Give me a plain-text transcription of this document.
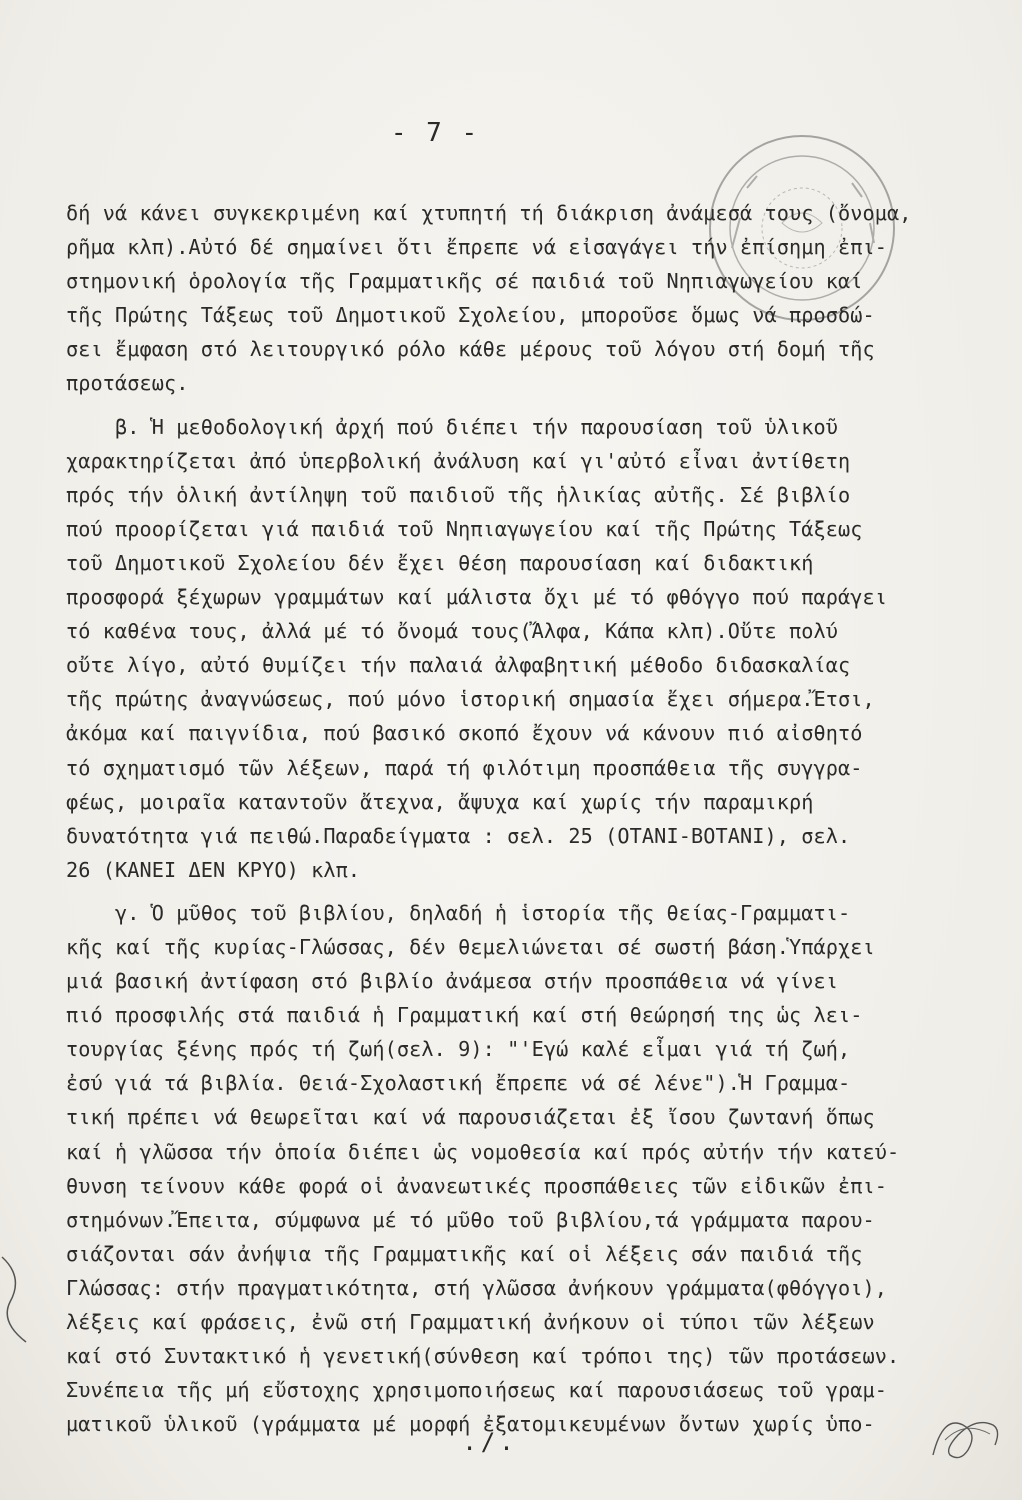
- 7 -
δή νά κάνει συγκεκριμένη καί χτυπητή τή διάκριση ἀνάμεσά τους (ὄνομα,
ρῆμα κλπ).Αὐτό δέ σημαίνει ὅτι ἔπρεπε νά εἰσαγάγει τήν ἐπίσημη ἐπι-
στημονική ὁρολογία τῆς Γραμματικῆς σέ παιδιά τοῦ Νηπιαγωγείου καί
τῆς Πρώτης Τάξεως τοῦ Δημοτικοῦ Σχολείου, μποροῦσε ὅμως νά προσδώ-
σει ἔμφαση στό λειτουργικό ρόλο κάθε μέρους τοῦ λόγου στή δομή τῆς
προτάσεως.
β. Ἡ μεθοδολογική ἀρχή πού διέπει τήν παρουσίαση τοῦ ὑλικοῦ
χαρακτηρίζεται ἀπό ὑπερβολική ἀνάλυση καί γι'αὐτό εἶναι ἀντίθετη
πρός τήν ὁλική ἀντίληψη τοῦ παιδιοῦ τῆς ἡλικίας αὐτῆς. Σέ βιβλίο
πού προορίζεται γιά παιδιά τοῦ Νηπιαγωγείου καί τῆς Πρώτης Τάξεως
τοῦ Δημοτικοῦ Σχολείου δέν ἔχει θέση παρουσίαση καί διδακτική
προσφορά ξέχωρων γραμμάτων καί μάλιστα ὄχι μέ τό φθόγγο πού παράγει
τό καθένα τους, ἀλλά μέ τό ὄνομά τους(Ἄλφα, Κάπα κλπ).Οὔτε πολύ
οὔτε λίγο, αὐτό θυμίζει τήν παλαιά ἀλφαβητική μέθοδο διδασκαλίας
τῆς πρώτης ἀναγνώσεως, πού μόνο ἱστορική σημασία ἔχει σήμερα.Ἔτσι,
ἀκόμα καί παιγνίδια, πού βασικό σκοπό ἔχουν νά κάνουν πιό αἰσθητό
τό σχηματισμό τῶν λέξεων, παρά τή φιλότιμη προσπάθεια τῆς συγγρα-
φέως, μοιραῖα καταντοῦν ἄτεχνα, ἄψυχα καί χωρίς τήν παραμικρή
δυνατότητα γιά πειθώ.Παραδείγματα : σελ. 25 (ΟΤΑΝΙ-ΒΟΤΑΝΙ), σελ.
26 (ΚΑΝΕΙ ΔΕΝ ΚΡΥΟ) κλπ.
γ. Ὁ μῦθος τοῦ βιβλίου, δηλαδή ἡ ἱστορία τῆς θείας-Γραμματι-
κῆς καί τῆς κυρίας-Γλώσσας, δέν θεμελιώνεται σέ σωστή βάση.Ὑπάρχει
μιά βασική ἀντίφαση στό βιβλίο ἀνάμεσα στήν προσπάθεια νά γίνει
πιό προσφιλής στά παιδιά ἡ Γραμματική καί στή θεώρησή της ὡς λει-
τουργίας ξένης πρός τή ζωή(σελ. 9): "'Εγώ καλέ εἶμαι γιά τή ζωή,
ἐσύ γιά τά βιβλία. Θειά-Σχολαστική ἔπρεπε νά σέ λένε").Ἡ Γραμμα-
τική πρέπει νά θεωρεῖται καί νά παρουσιάζεται ἐξ ἴσου ζωντανή ὅπως
καί ἡ γλῶσσα τήν ὁποία διέπει ὡς νομοθεσία καί πρός αὐτήν τήν κατεύ-
θυνση τείνουν κάθε φορά οἱ ἀνανεωτικές προσπάθειες τῶν εἰδικῶν ἐπι-
στημόνων.Ἔπειτα, σύμφωνα μέ τό μῦθο τοῦ βιβλίου,τά γράμματα παρου-
σιάζονται σάν ἀνήψια τῆς Γραμματικῆς καί οἱ λέξεις σάν παιδιά τῆς
Γλώσσας: στήν πραγματικότητα, στή γλῶσσα ἀνήκουν γράμματα(φθόγγοι),
λέξεις καί φράσεις, ἐνῶ στή Γραμματική ἀνήκουν οἱ τύποι τῶν λέξεων
καί στό Συντακτικό ἡ γενετική(σύνθεση καί τρόποι της) τῶν προτάσεων.
Συνέπεια τῆς μή εὔστοχης χρησιμοποιήσεως καί παρουσιάσεως τοῦ γραμ-
ματικοῦ ὑλικοῦ (γράμματα μέ μορφή ἐξατομικευμένων ὄντων χωρίς ὑπο-
./.
